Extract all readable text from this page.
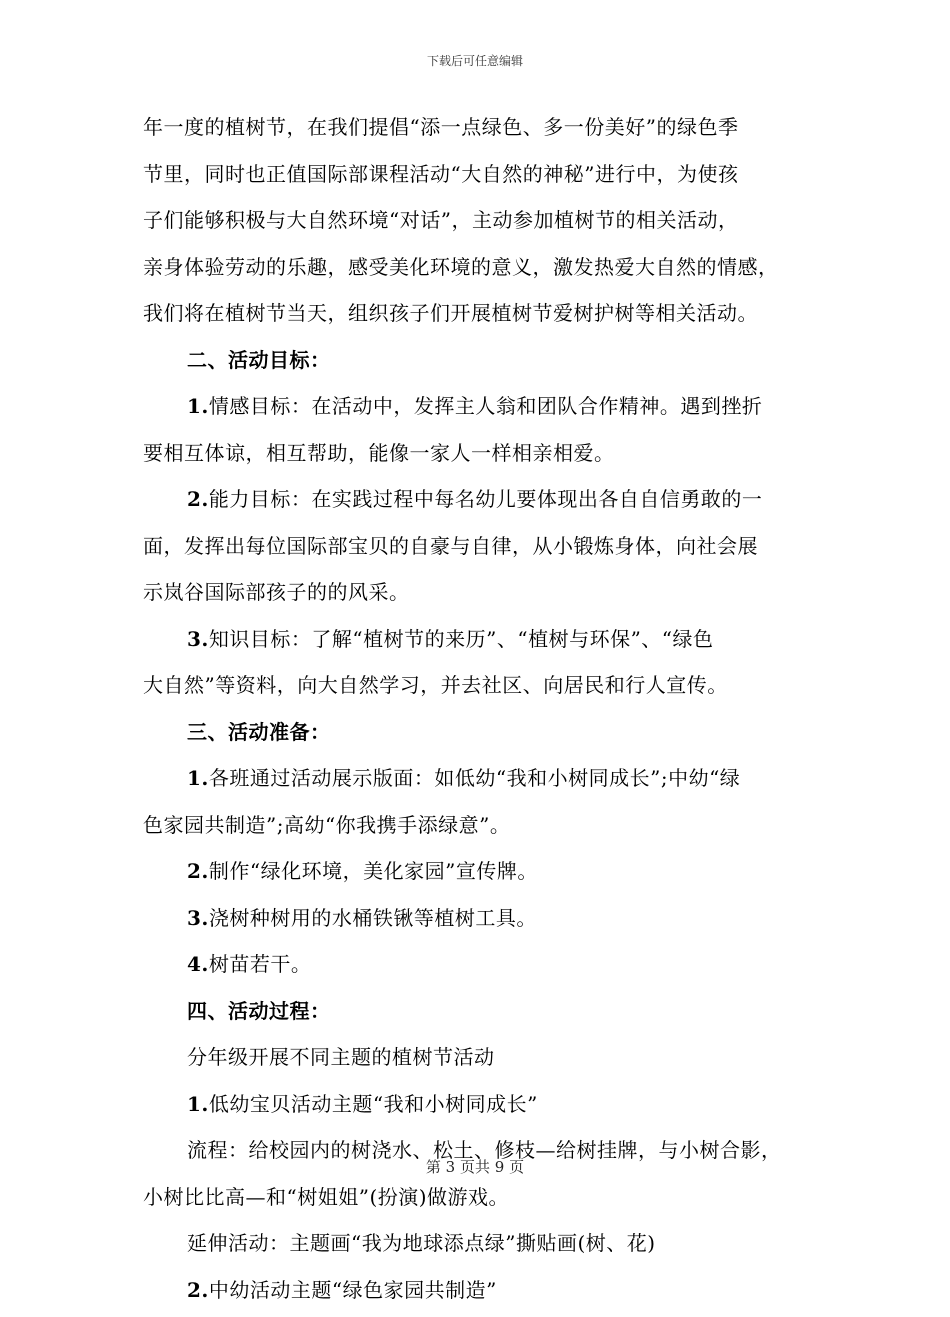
下载后可任意编辑
年一度的植树节，在我们提倡“添一点绿色、多一份美好”的绿色季
节里，同时也正值国际部课程活动“大自然的神秘”进行中，为使孩
子们能够积极与大自然环境“对话”，主动参加植树节的相关活动，
亲身体验劳动的乐趣，感受美化环境的意义，激发热爱大自然的情感，
我们将在植树节当天，组织孩子们开展植树节爱树护树等相关活动。
二、活动目标：
1.情感目标：在活动中，发挥主人翁和团队合作精神。遇到挫折
要相互体谅，相互帮助，能像一家人一样相亲相爱。
2.能力目标：在实践过程中每名幼儿要体现出各自自信勇敢的一
面，发挥出每位国际部宝贝的自豪与自律，从小锻炼身体，向社会展
示岚谷国际部孩子的的风采。
3.知识目标：了解“植树节的来历”、“植树与环保”、“绿色
大自然”等资料，向大自然学习，并去社区、向居民和行人宣传。
三、活动准备：
1.各班通过活动展示版面：如低幼“我和小树同成长”;中幼“绿
色家园共制造”;高幼“你我携手添绿意”。
2.制作“绿化环境，美化家园”宣传牌。
3.浇树种树用的水桶铁锹等植树工具。
4.树苗若干。
四、活动过程：
分年级开展不同主题的植树节活动
1.低幼宝贝活动主题“我和小树同成长”
流程：给校园内的树浇水、松土、修枝—给树挂牌，与小树合影，
小树比比高—和“树姐姐”(扮演)做游戏。
延伸活动：主题画“我为地球添点绿”撕贴画(树、花)
2.中幼活动主题“绿色家园共制造”
第 3 页共 9 页
